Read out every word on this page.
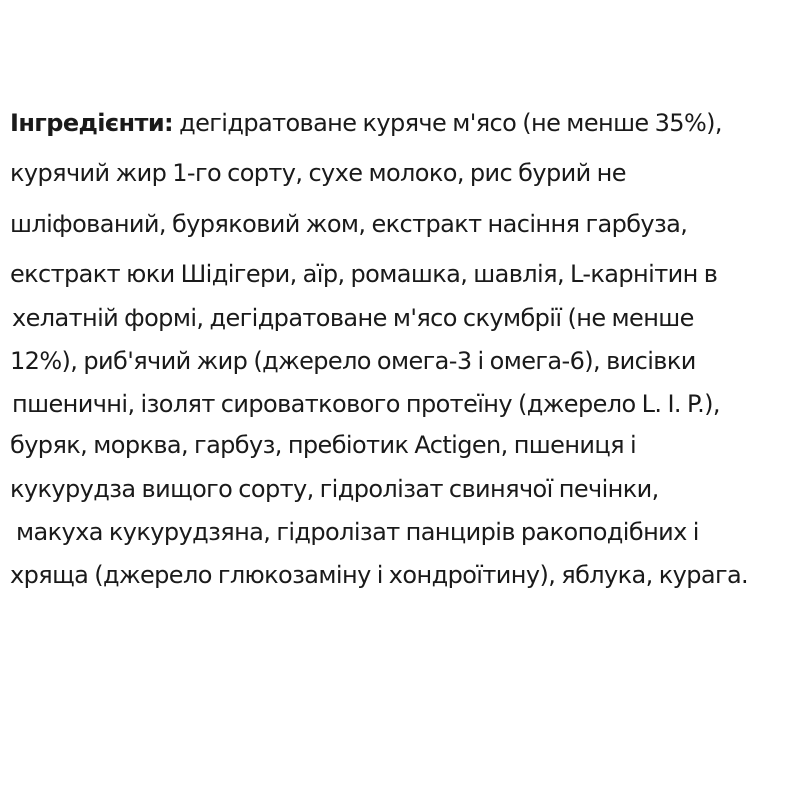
Інгредієнти: дегідратоване куряче м'ясо (не менше 35%),
курячий жир 1-го сорту, сухе молоко, рис бурий не
шліфований, буряковий жом, екстракт насіння гарбуза,
екстракт юки Шідігери, аїр, ромашка, шавлія, L-карнітин в
хелатній формі, дегідратоване м'ясо скумбрії (не менше
12%), риб'ячий жир (джерело омега-3 і омега-6), висівки
пшеничні, ізолят сироваткового протеїну (джерело L. I. P.),
буряк, морква, гарбуз, пребіотик Actigen, пшениця і
кукурудза вищого сорту, гідролізат свинячої печінки,
макуха кукурудзяна, гідролізат панцирів ракоподібних і
хряща (джерело глюкозаміну і хондроїтину), яблука, курага.
